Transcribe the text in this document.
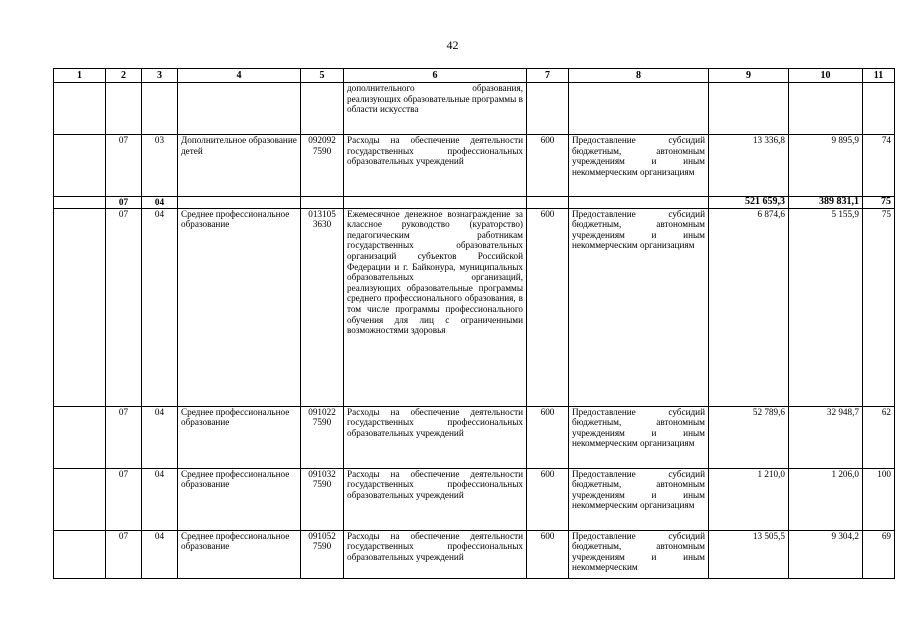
42
1	2	3	4	5	6	7	8	9	10	11
					дополнительного образования, реализующих образовательные программы в области искусства					
	07	03	Дополнительное образование детей	092092 7590	Расходы на обеспечение деятельности государственных профессиональных образовательных учреждений	600	Предоставление субсидий бюджетным, автономным учреждениям и иным некоммерческим организациям	13 336,8	9 895,9	74
	07	04						521 659,3	389 831,1	75
	07	04	Среднее профессиональное образование	013105 3630	Ежемесячное денежное вознаграждение за классное руководство (кураторство) педагогическим работникам государственных образовательных организаций субъектов Российской Федерации и г. Байконура, муниципальных образовательных организаций, реализующих образовательные программы среднего профессионального образования, в том числе программы профессионального обучения для лиц с ограниченными возможностями здоровья	600	Предоставление субсидий бюджетным, автономным учреждениям и иным некоммерческим организациям	6 874,6	5 155,9	75
	07	04	Среднее профессиональное образование	091022 7590	Расходы на обеспечение деятельности государственных профессиональных образовательных учреждений	600	Предоставление субсидий бюджетным, автономным учреждениям и иным некоммерческим организациям	52 789,6	32 948,7	62
	07	04	Среднее профессиональное образование	091032 7590	Расходы на обеспечение деятельности государственных профессиональных образовательных учреждений	600	Предоставление субсидий бюджетным, автономным учреждениям и иным некоммерческим организациям	1 210,0	1 206,0	100
	07	04	Среднее профессиональное образование	091052 7590	Расходы на обеспечение деятельности государственных профессиональных образовательных учреждений	600	Предоставление субсидий бюджетным, автономным учреждениям и иным некоммерческим	13 505,5	9 304,2	69
